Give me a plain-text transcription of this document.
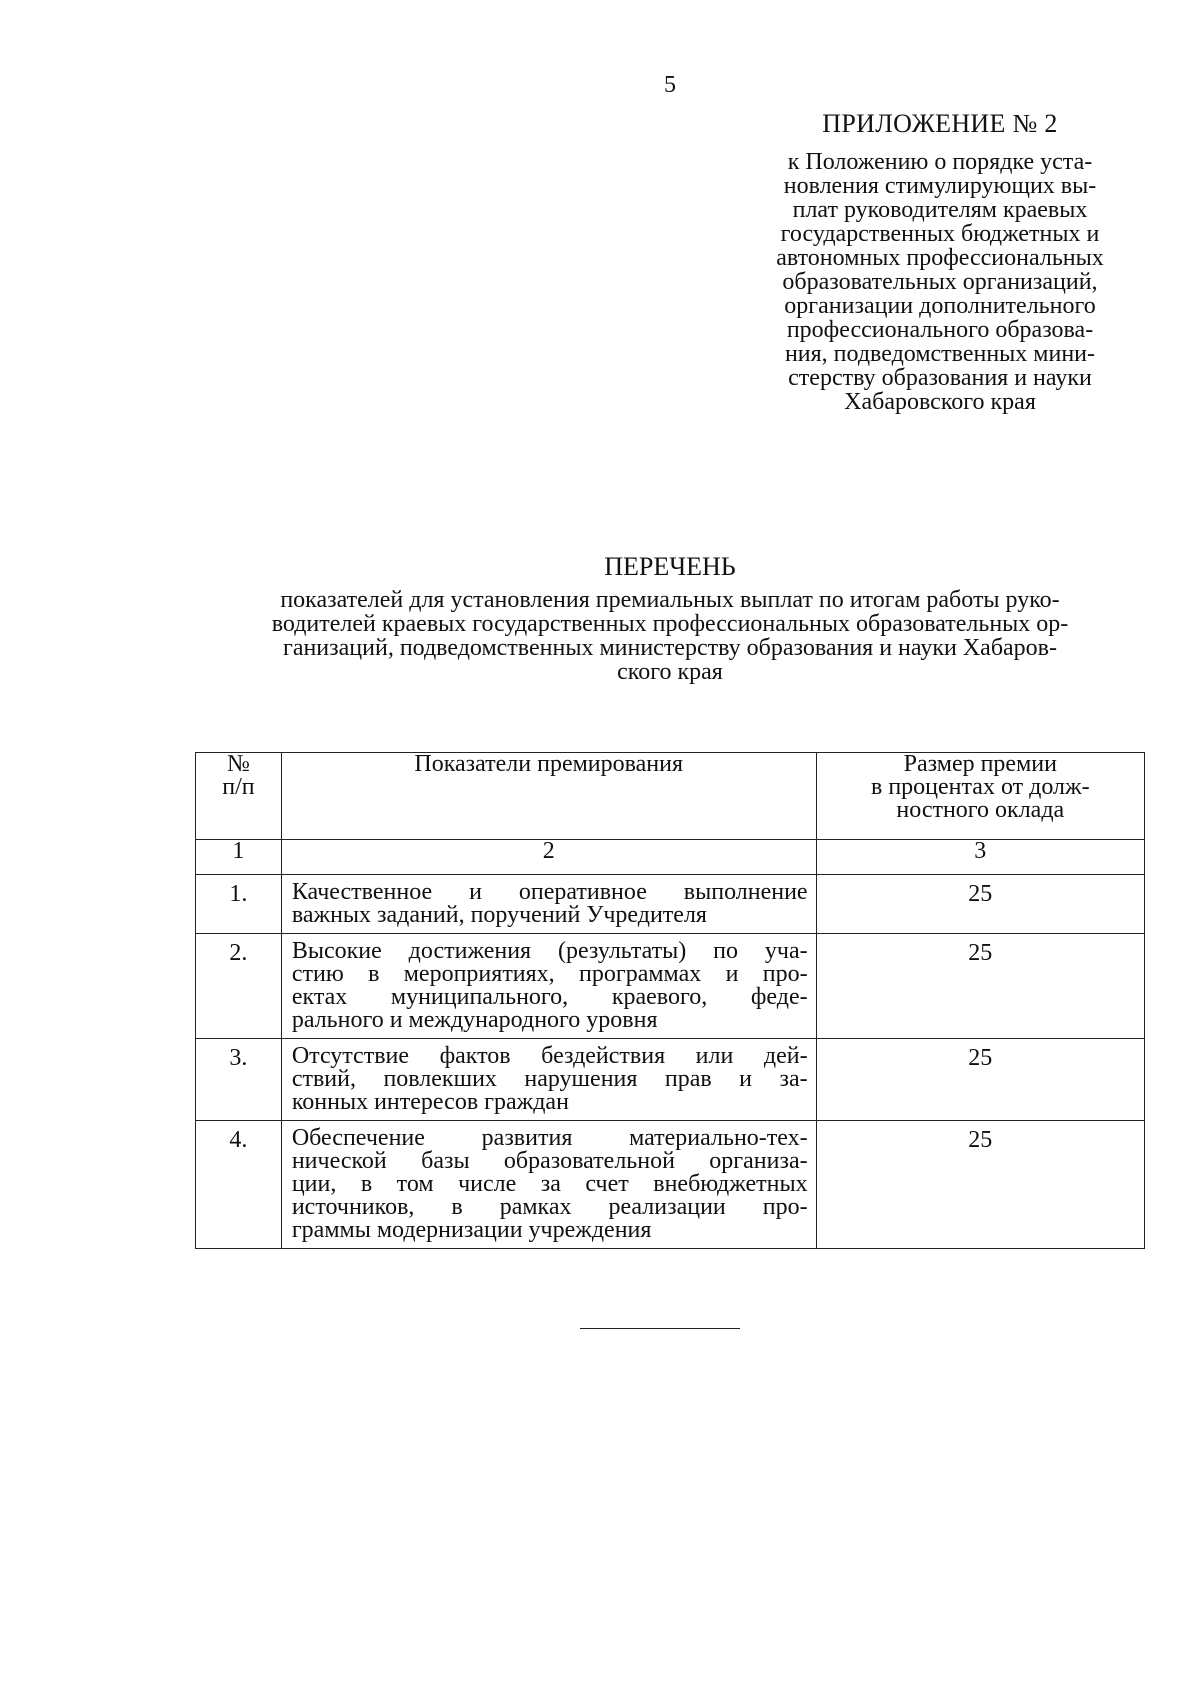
5
ПРИЛОЖЕНИЕ № 2
к Положению о порядке уста-
новления стимулирующих вы-
плат руководителям краевых
государственных бюджетных и
автономных профессиональных
образовательных организаций,
организации дополнительного
профессионального образова-
ния, подведомственных мини-
стерству образования и науки
Хабаровского края
ПЕРЕЧЕНЬ
показателей для установления премиальных выплат по итогам работы руко-
водителей краевых государственных профессиональных образовательных ор-
ганизаций, подведомственных министерству образования и науки Хабаров-
ского края
№
п/п	Показатели премирования	Размер премии
в процентах от долж-
ностного оклада

1	2	3
1.	Качественное и оперативное выполнение
важных заданий, поручений Учредителя	25
2.	Высокие достижения (результаты) по уча-
стию в мероприятиях, программах и про-
ектах муниципального, краевого, феде-
рального и международного уровня	25
3.	Отсутствие фактов бездействия или дей-
ствий, повлекших нарушения прав и за-
конных интересов граждан	25
4.	Обеспечение развития материально-тех-
нической базы образовательной организа-
ции, в том числе за счет внебюджетных
источников, в рамках реализации про-
граммы модернизации учреждения	25
